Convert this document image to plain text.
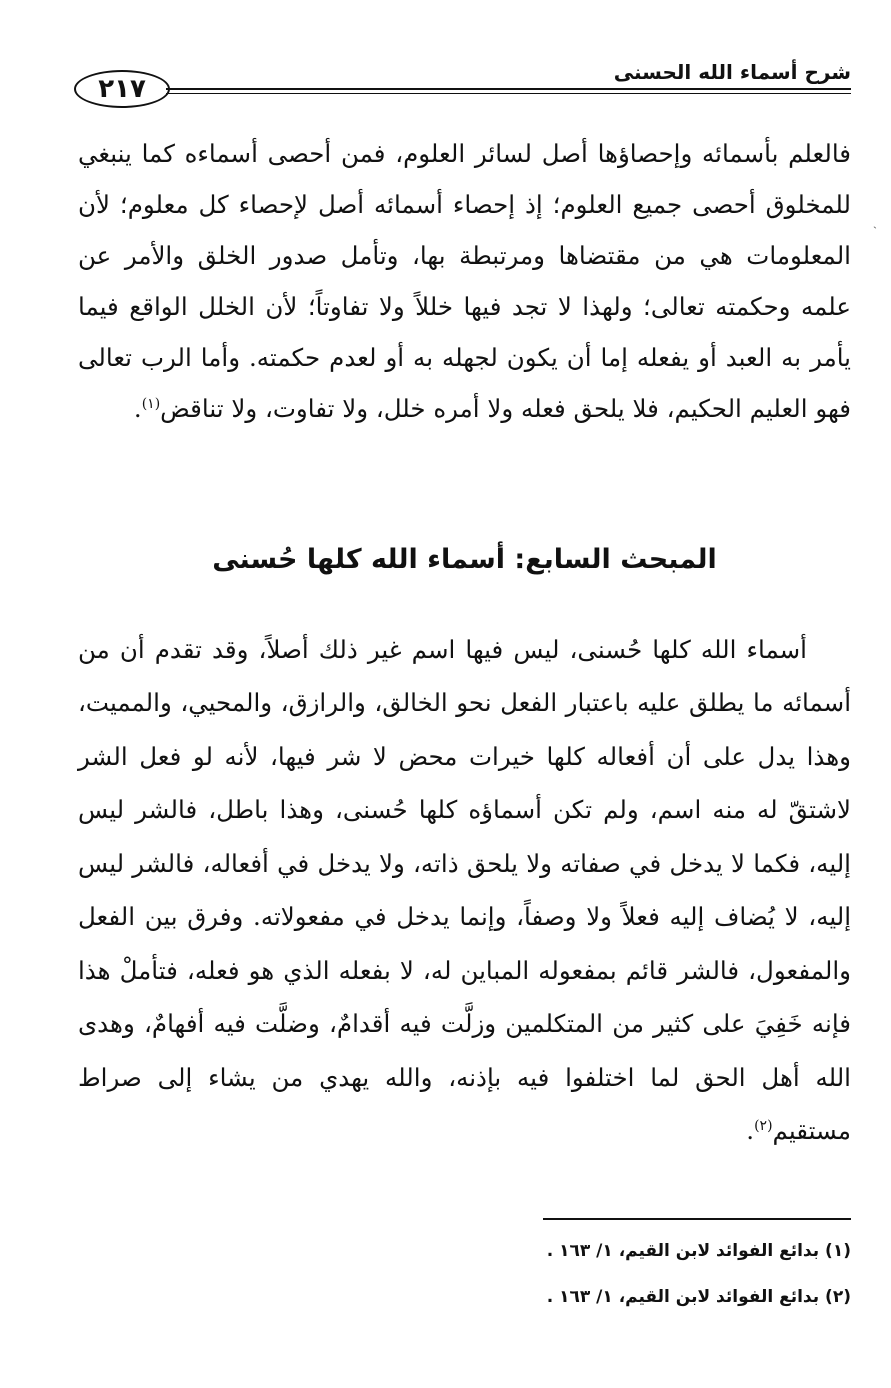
شرح أسماء الله الحسنى
٢١٧
ˎ

فالعلم بأسمائه وإحصاؤها أصل لسائر العلوم، فمن أحصى أسماءه كما ينبغي للمخلوق أحصى جميع العلوم؛ إذ إحصاء أسمائه أصل لإحصاء كل معلوم؛ لأن المعلومات هي من مقتضاها ومرتبطة بها، وتأمل صدور الخلق والأمر عن علمه وحكمته تعالى؛ ولهذا لا تجد فيها خللاً ولا تفاوتاً؛ لأن الخلل الواقع فيما يأمر به العبد أو يفعله إما أن يكون لجهله به أو لعدم حكمته. وأما الرب تعالى فهو العليم الحكيم، فلا يلحق فعله ولا أمره خلل، ولا تفاوت، ولا تناقض$^{(١)}$.

المبحث السابع: أسماء الله كلها حُسنى

أسماء الله كلها حُسنى، ليس فيها اسم غير ذلك أصلاً، وقد تقدم أن من أسمائه ما يطلق عليه باعتبار الفعل نحو الخالق، والرازق، والمحيي، والمميت، وهذا يدل على أن أفعاله كلها خيرات محض لا شر فيها، لأنه لو فعل الشر لاشتقّ له منه اسم، ولم تكن أسماؤه كلها حُسنى، وهذا باطل، فالشر ليس إليه، فكما لا يدخل في صفاته ولا يلحق ذاته، ولا يدخل في أفعاله، فالشر ليس إليه، لا يُضاف إليه فعلاً ولا وصفاً، وإنما يدخل في مفعولاته. وفرق بين الفعل والمفعول، فالشر قائم بمفعوله المباين له، لا بفعله الذي هو فعله، فتأملْ هذا فإنه خَفِيَ على كثير من المتكلمين وزلَّت فيه أقدامٌ، وضلَّت فيه أفهامٌ، وهدى الله أهل الحق لما اختلفوا فيه بإذنه، والله يهدي من يشاء إلى صراط مستقيم$^{(٢)}$.

(١) بدائع الفوائد لابن القيم، ١/ ١٦٣ .
(٢) بدائع الفوائد لابن القيم، ١/ ١٦٣ .
